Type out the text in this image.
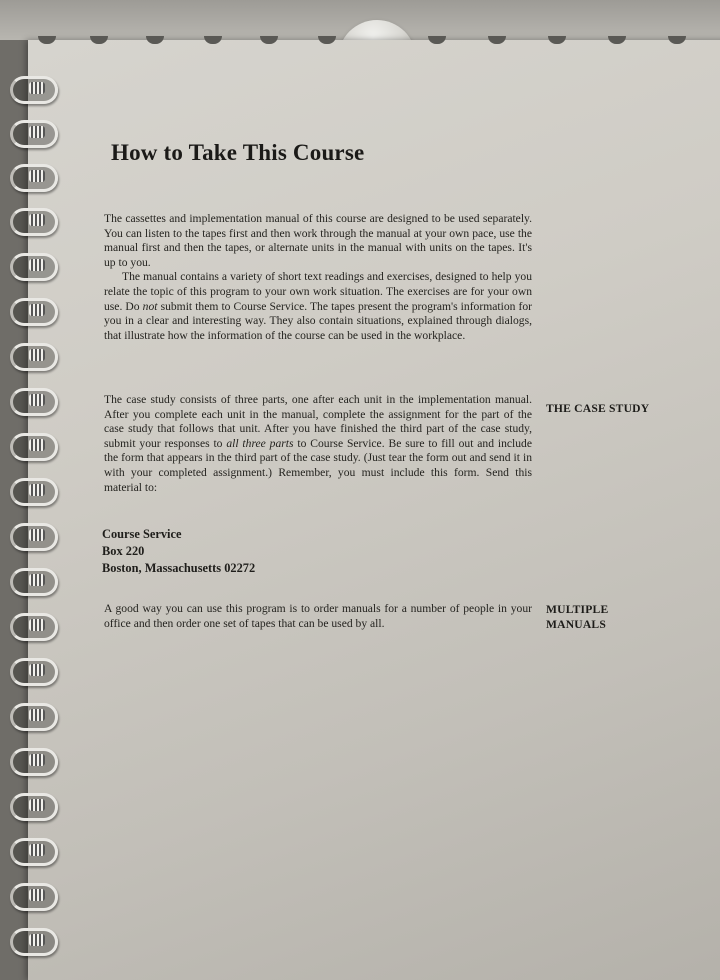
How to Take This Course

The cassettes and implementation manual of this course are designed to be used separately. You can listen to the tapes first and then work through the manual at your own pace, use the manual first and then the tapes, or alternate units in the manual with units on the tapes. It's up to you.

The manual contains a variety of short text readings and exercises, designed to help you relate the topic of this program to your own work situation. The exercises are for your own use. Do not submit them to Course Service. The tapes present the program's information for you in a clear and interesting way. They also contain situations, explained through dialogs, that illustrate how the information of the course can be used in the workplace.

THE CASE STUDY

The case study consists of three parts, one after each unit in the implementation manual. After you complete each unit in the manual, complete the assignment for the part of the case study that follows that unit. After you have finished the third part of the case study, submit your responses to all three parts to Course Service. Be sure to fill out and include the form that appears in the third part of the case study. (Just tear the form out and send it in with your completed assignment.) Remember, you must include this form. Send this material to:

Course Service
Box 220
Boston, Massachusetts 02272
MULTIPLE
MANUALS

A good way you can use this program is to order manuals for a number of people in your office and then order one set of tapes that can be used by all.
